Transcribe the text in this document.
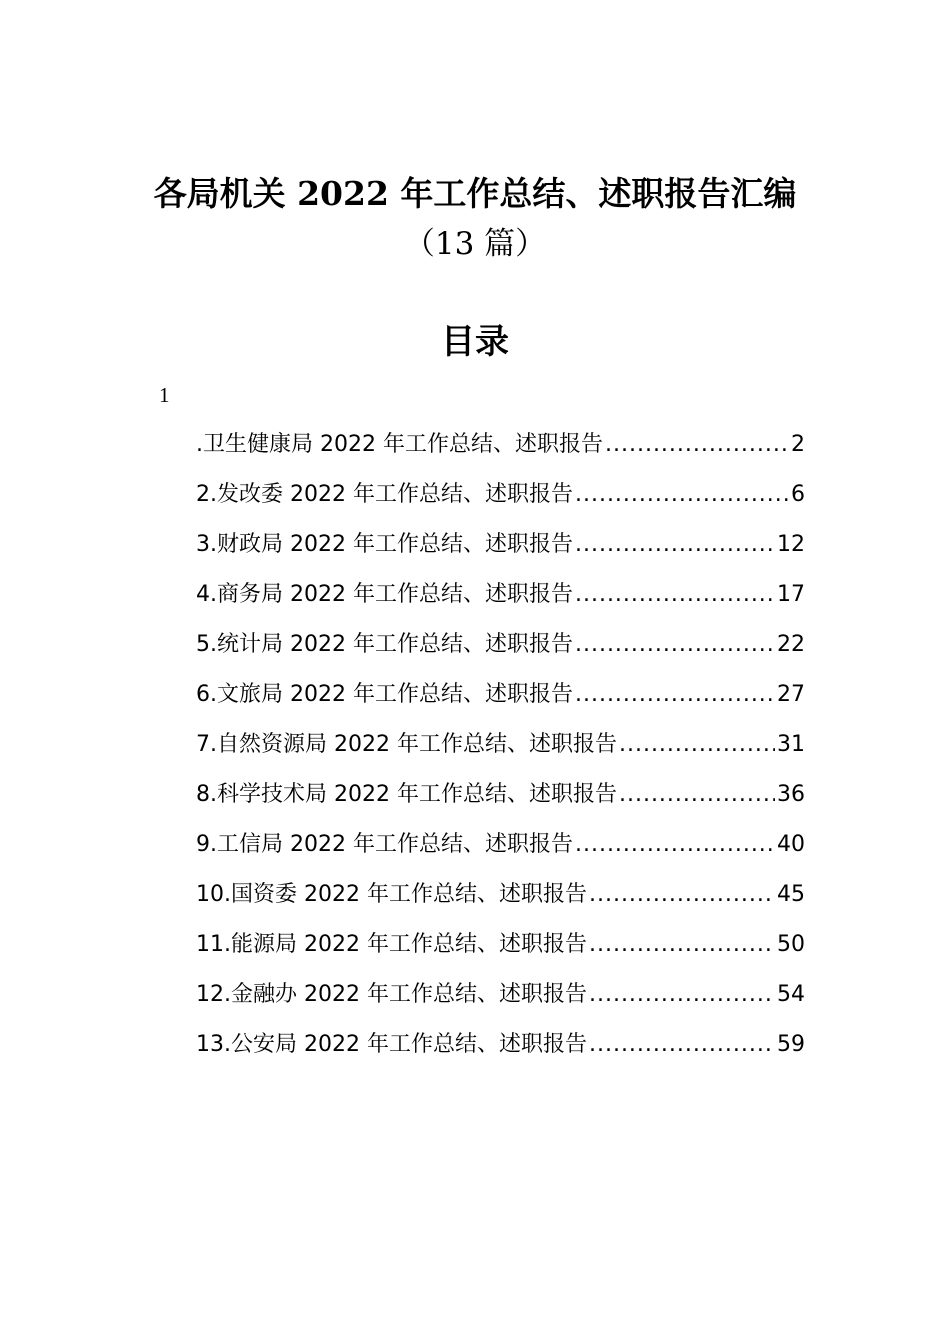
各局机关 2022 年工作总结、述职报告汇编
（13 篇）
目录
1
.卫生健康局 2022 年工作总结、述职报告 .....	2
2.发改委 2022 年工作总结、述职报告 .....	6
3.财政局 2022 年工作总结、述职报告 .....	12
4.商务局 2022 年工作总结、述职报告 .....	17
5.统计局 2022 年工作总结、述职报告 .....	22
6.文旅局 2022 年工作总结、述职报告 .....	27
7.自然资源局 2022 年工作总结、述职报告 .....	31
8.科学技术局 2022 年工作总结、述职报告 .....	36
9.工信局 2022 年工作总结、述职报告 .....	40
10.国资委 2022 年工作总结、述职报告 .....	45
11.能源局 2022 年工作总结、述职报告 .....	50
12.金融办 2022 年工作总结、述职报告 .....	54
13.公安局 2022 年工作总结、述职报告 .....	59
